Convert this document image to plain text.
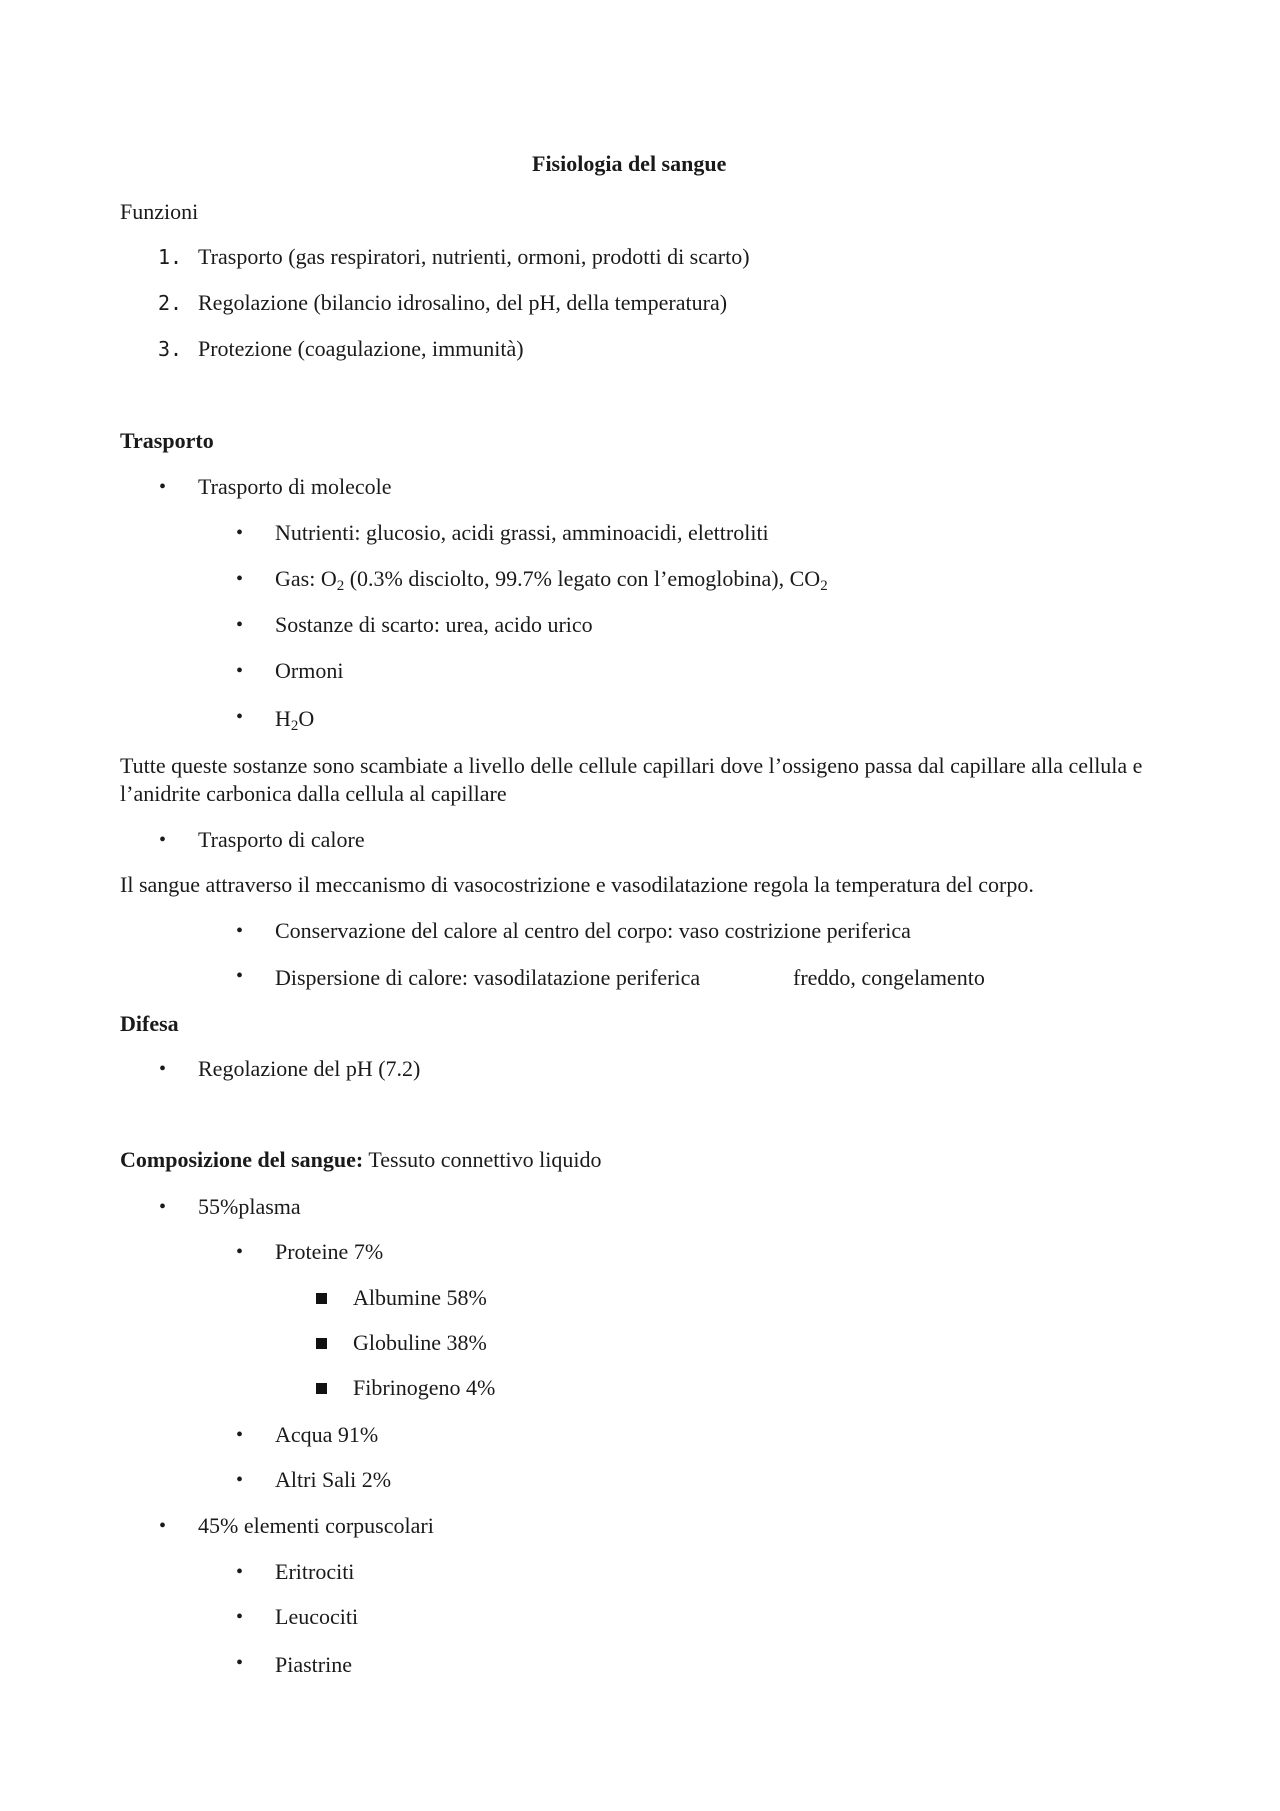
Fisiologia del sangue
Funzioni
1. Trasporto (gas respiratori, nutrienti, ormoni, prodotti di scarto)
2. Regolazione (bilancio idrosalino, del pH, della temperatura)
3. Protezione (coagulazione, immunità)
Trasporto
• Trasporto di molecole
• Nutrienti: glucosio, acidi grassi, amminoacidi, elettroliti
• Gas: $O_2$ (0.3% disciolto, 99.7% legato con l’emoglobina), $CO_2$
• Sostanze di scarto: urea, acido urico
• Ormoni
• $H_2O$
Tutte queste sostanze sono scambiate a livello delle cellule capillari dove l’ossigeno passa dal capillare alla cellula e l’anidrite carbonica dalla cellula al capillare
• Trasporto di calore
Il sangue attraverso il meccanismo di vasocostrizione e vasodilatazione regola la temperatura del corpo.
• Conservazione del calore al centro del corpo: vaso costrizione periferica
• Dispersione di calore: vasodilatazione periferica	freddo, congelamento
Difesa
• Regolazione del pH (7.2)
Composizione del sangue: Tessuto connettivo liquido
• 55%plasma
• Proteine 7%
Albumine 58%
Globuline 38%
Fibrinogeno 4%
• Acqua 91%
• Altri Sali 2%
• 45% elementi corpuscolari
• Eritrociti
• Leucociti
• Piastrine
